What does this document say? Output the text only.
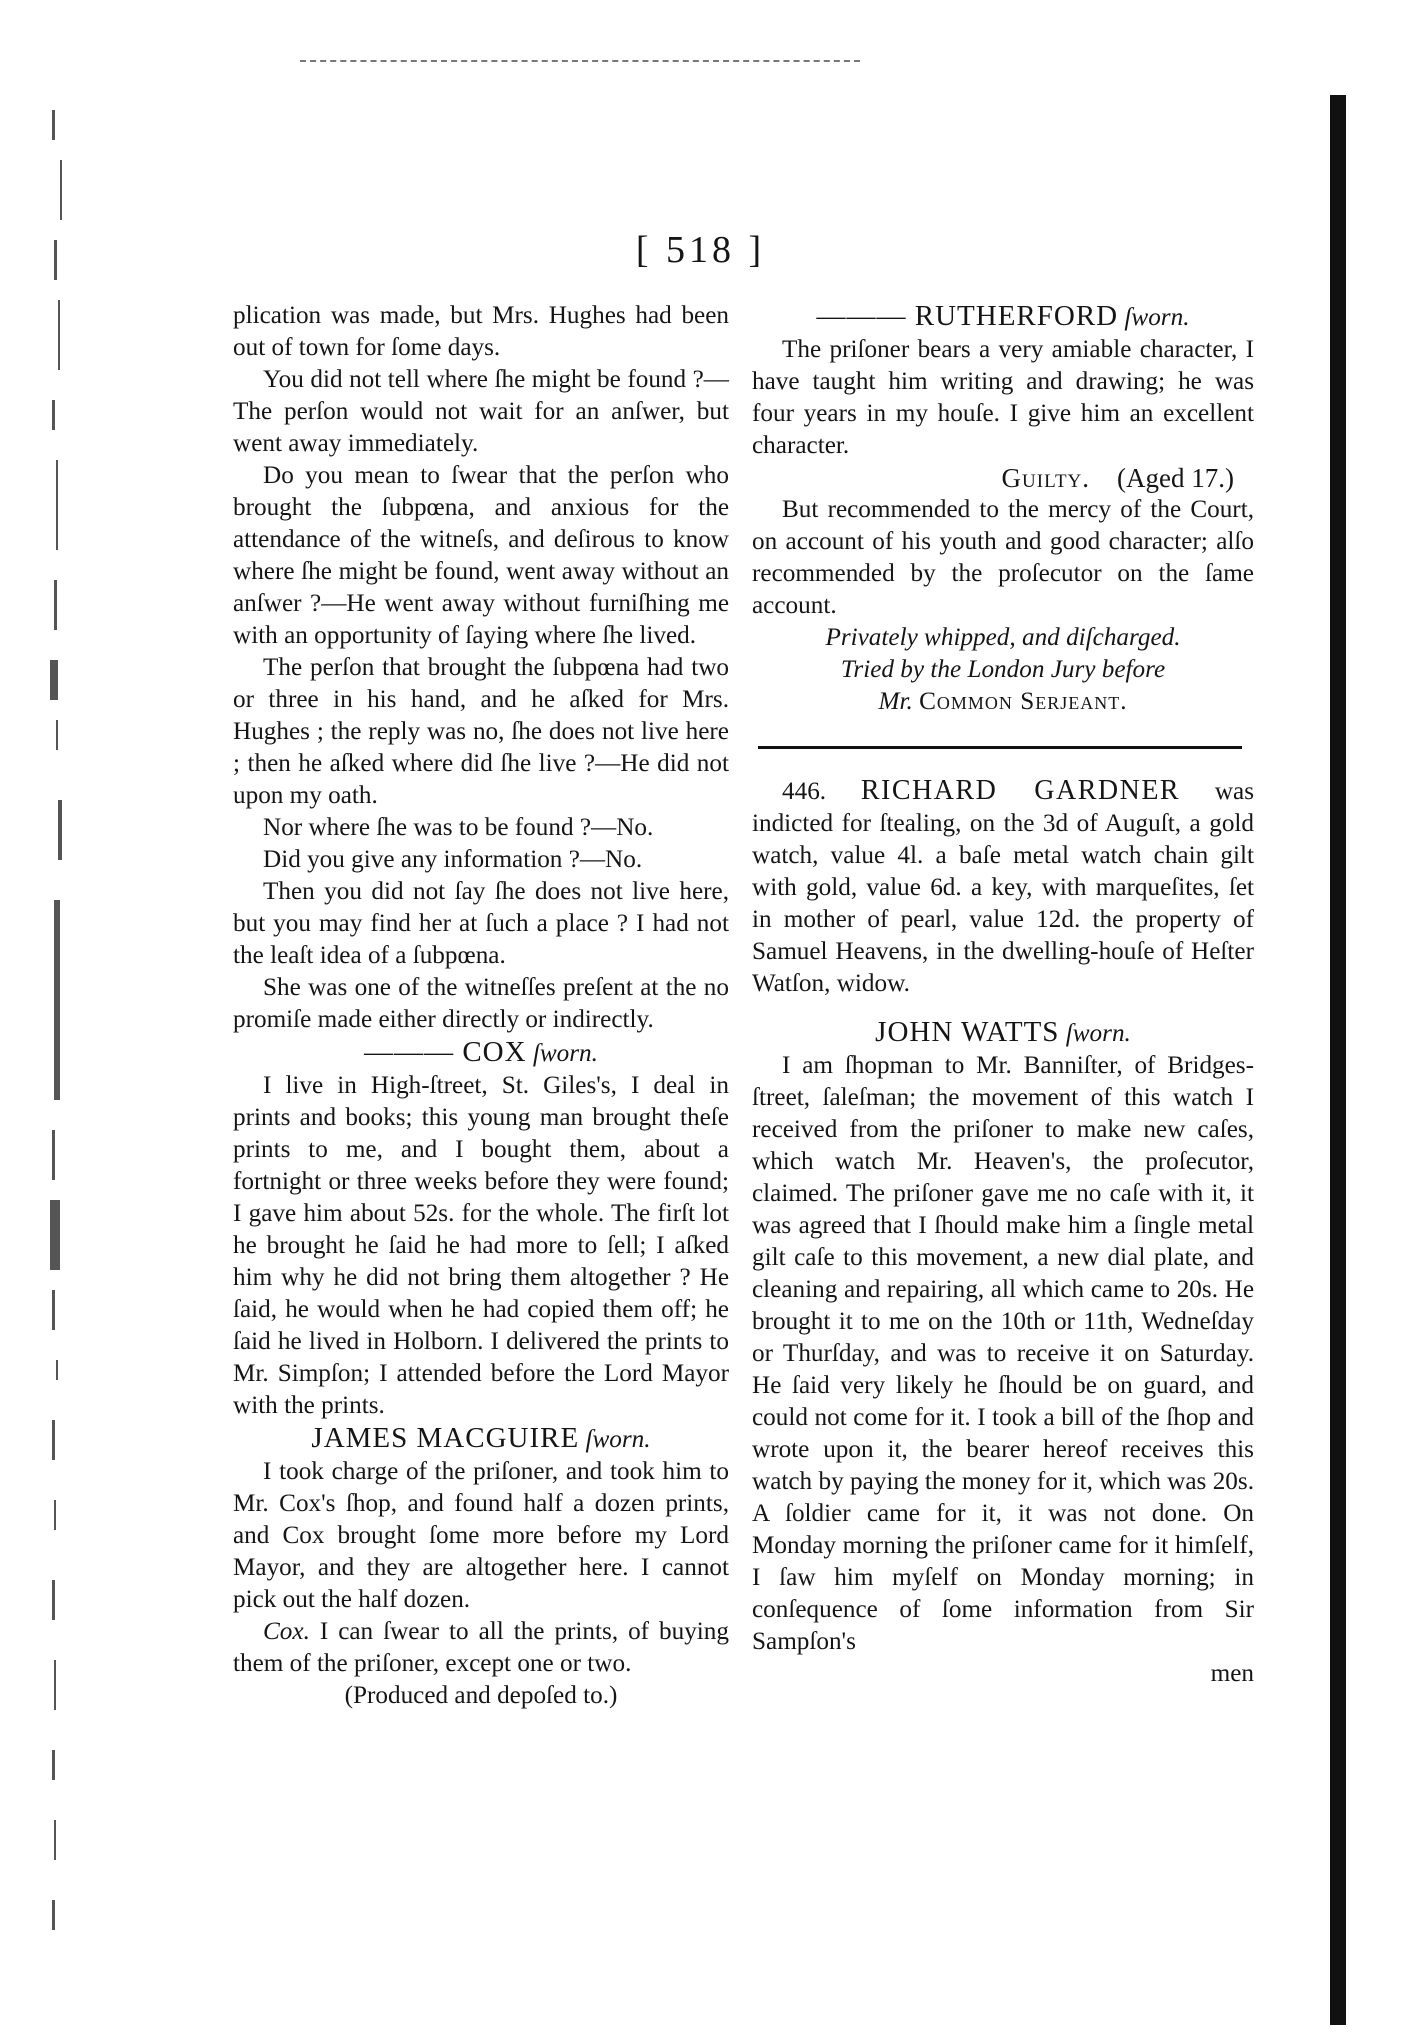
[ 518 ]

plication was made, but Mrs. Hughes had been out of town for ſome days.

You did not tell where ſhe might be found ?—The perſon would not wait for an anſwer, but went away immediately.

Do you mean to ſwear that the perſon who brought the ſubpœna, and anxious for the attendance of the witneſs, and deſirous to know where ſhe might be found, went away without an anſwer ?—He went away without furniſhing me with an opportunity of ſaying where ſhe lived.

The perſon that brought the ſubpœna had two or three in his hand, and he aſked for Mrs. Hughes ; the reply was no, ſhe does not live here ; then he aſked where did ſhe live ?—He did not upon my oath.

Nor where ſhe was to be found ?—No.

Did you give any information ?—No.

Then you did not ſay ſhe does not live here, but you may find her at ſuch a place ? I had not the leaſt idea of a ſubpœna.

She was one of the witneſſes preſent at the no promiſe made either directly or indirectly.

——— COX ſworn.

I live in High-ſtreet, St. Giles's, I deal in prints and books; this young man brought theſe prints to me, and I bought them, about a fortnight or three weeks before they were found; I gave him about 52s. for the whole. The firſt lot he brought he ſaid he had more to ſell; I aſked him why he did not bring them altogether ? He ſaid, he would when he had copied them off; he ſaid he lived in Holborn. I delivered the prints to Mr. Simpſon; I attended before the Lord Mayor with the prints.

JAMES MACGUIRE ſworn.

I took charge of the priſoner, and took him to Mr. Cox's ſhop, and found half a dozen prints, and Cox brought ſome more before my Lord Mayor, and they are altogether here. I cannot pick out the half dozen.

Cox. I can ſwear to all the prints, of buying them of the priſoner, except one or two.

(Produced and depoſed to.)

——— RUTHERFORD ſworn.

The priſoner bears a very amiable character, I have taught him writing and drawing; he was four years in my houſe. I give him an excellent character.

Guilty. (Aged 17.)

But recommended to the mercy of the Court, on account of his youth and good character; alſo recommended by the proſecutor on the ſame account.

Privately whipped, and diſcharged.

Tried by the London Jury before
Mr. Common Serjeant.

446. RICHARD GARDNER was indicted for ſtealing, on the 3d of Auguſt, a gold watch, value 4l. a baſe metal watch chain gilt with gold, value 6d. a key, with marqueſites, ſet in mother of pearl, value 12d. the property of Samuel Heavens, in the dwelling-houſe of Heſter Watſon, widow.

JOHN WATTS ſworn.

I am ſhopman to Mr. Banniſter, of Bridges-ſtreet, ſaleſman; the movement of this watch I received from the priſoner to make new caſes, which watch Mr. Heaven's, the proſecutor, claimed. The priſoner gave me no caſe with it, it was agreed that I ſhould make him a ſingle metal gilt caſe to this movement, a new dial plate, and cleaning and repairing, all which came to 20s. He brought it to me on the 10th or 11th, Wedneſday or Thurſday, and was to receive it on Saturday. He ſaid very likely he ſhould be on guard, and could not come for it. I took a bill of the ſhop and wrote upon it, the bearer hereof receives this watch by paying the money for it, which was 20s. A ſoldier came for it, it was not done. On Monday morning the priſoner came for it himſelf, I ſaw him myſelf on Monday morning; in conſequence of ſome information from Sir Sampſon's

men
